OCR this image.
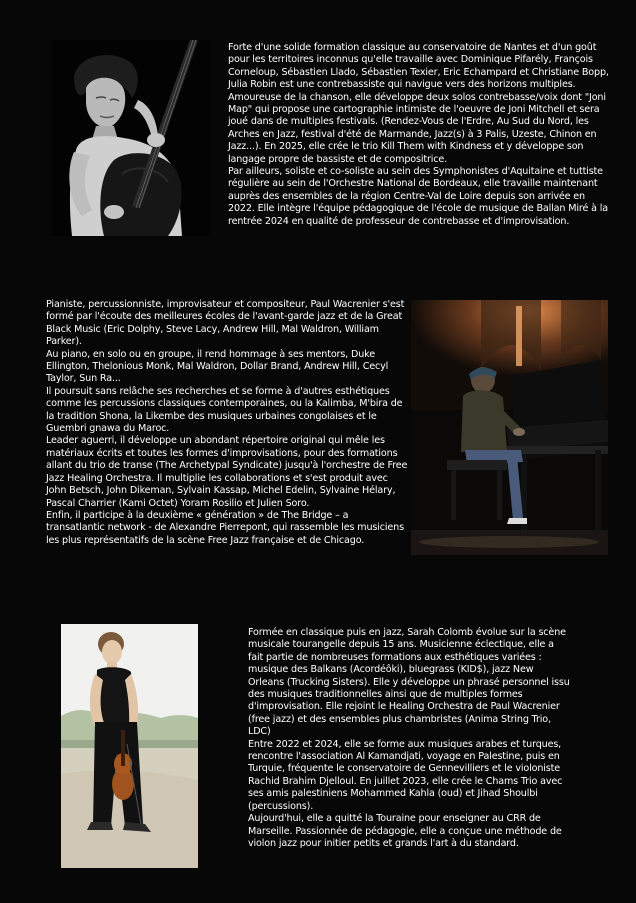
Forte d'une solide formation classique au conservatoire de Nantes et d'un goût pour les territoires inconnus qu'elle travaille avec Dominique Pifarély, François Corneloup, Sébastien Llado, Sébastien Texier, Eric Echampard et Christiane Bopp, Julia Robin est une contrebassiste qui navigue vers des horizons multiples.

Amoureuse de la chanson, elle développe deux solos contrebasse/voix dont "Joni Map" qui propose une cartographie intimiste de l'oeuvre de Joni Mitchell et sera joué dans de multiples festivals. (Rendez-Vous de l'Erdre, Au Sud du Nord, les Arches en Jazz, festival d'été de Marmande, Jazz(s) à 3 Palis, Uzeste, Chinon en Jazz...). En 2025, elle crée le trio Kill Them with Kindness et y développe son langage propre de bassiste et de compositrice.

Par ailleurs, soliste et co-soliste au sein des Symphonistes d'Aquitaine et tuttiste régulière au sein de l'Orchestre National de Bordeaux, elle travaille maintenant auprès des ensembles de la région Centre-Val de Loire depuis son arrivée en 2022. Elle intègre l'équipe pédagogique de l'école de musique de Ballan Miré à la rentrée 2024 en qualité de professeur de contrebasse et d'improvisation.

Pianiste, percussionniste, improvisateur et compositeur, Paul Wacrenier s'est formé par l'écoute des meilleures écoles de l'avant-garde jazz et de la Great Black Music (Eric Dolphy, Steve Lacy, Andrew Hill, Mal Waldron, William Parker).

Au piano, en solo ou en groupe, il rend hommage à ses mentors, Duke Ellington, Thelonious Monk, Mal Waldron, Dollar Brand, Andrew Hill, Cecyl Taylor, Sun Ra...

Il poursuit sans relâche ses recherches et se forme à d'autres esthétiques comme les percussions classiques contemporaines, ou la Kalimba, M'bira de la tradition Shona, la Likembe des musiques urbaines congolaises et le Guembri gnawa du Maroc.

Leader aguerri, il développe un abondant répertoire original qui mêle les matériaux écrits et toutes les formes d'improvisations, pour des formations allant du trio de transe (The Archetypal Syndicate) jusqu'à l'orchestre de Free Jazz Healing Orchestra. Il multiplie les collaborations et s'est produit avec John Betsch, John Dikeman, Sylvain Kassap, Michel Edelin, Sylvaine Hélary, Pascal Charrier (Kami Octet) Yoram Rosilio et Julien Soro.

Enfin, il participe à la deuxième « génération » de The Bridge – a transatlantic network - de Alexandre Pierrepont, qui rassemble les musiciens les plus représentatifs de la scène Free Jazz française et de Chicago.

Formée en classique puis en jazz, Sarah Colomb évolue sur la scène musicale tourangelle depuis 15 ans. Musicienne éclectique, elle a fait partie de nombreuses formations aux esthétiques variées : musique des Balkans (Acordéôki), bluegrass (KID$), jazz New Orleans (Trucking Sisters). Elle y développe un phrasé personnel issu des musiques traditionnelles ainsi que de multiples formes d'improvisation. Elle rejoint le Healing Orchestra de Paul Wacrenier (free jazz) et des ensembles plus chambristes (Anima String Trio, LDC)

Entre 2022 et 2024, elle se forme aux musiques arabes et turques, rencontre l'association Al Kamandjati, voyage en Palestine, puis en Turquie, fréquente le conservatoire de Gennevilliers et le violoniste Rachid Brahim Djelloul. En juillet 2023, elle crée le Chams Trio avec ses amis palestiniens Mohammed Kahla (oud) et Jihad Shoulbi (percussions).

Aujourd'hui, elle a quitté la Touraine pour enseigner au CRR de Marseille. Passionnée de pédagogie, elle a conçue une méthode de violon jazz pour initier petits et grands l'art à du standard.
